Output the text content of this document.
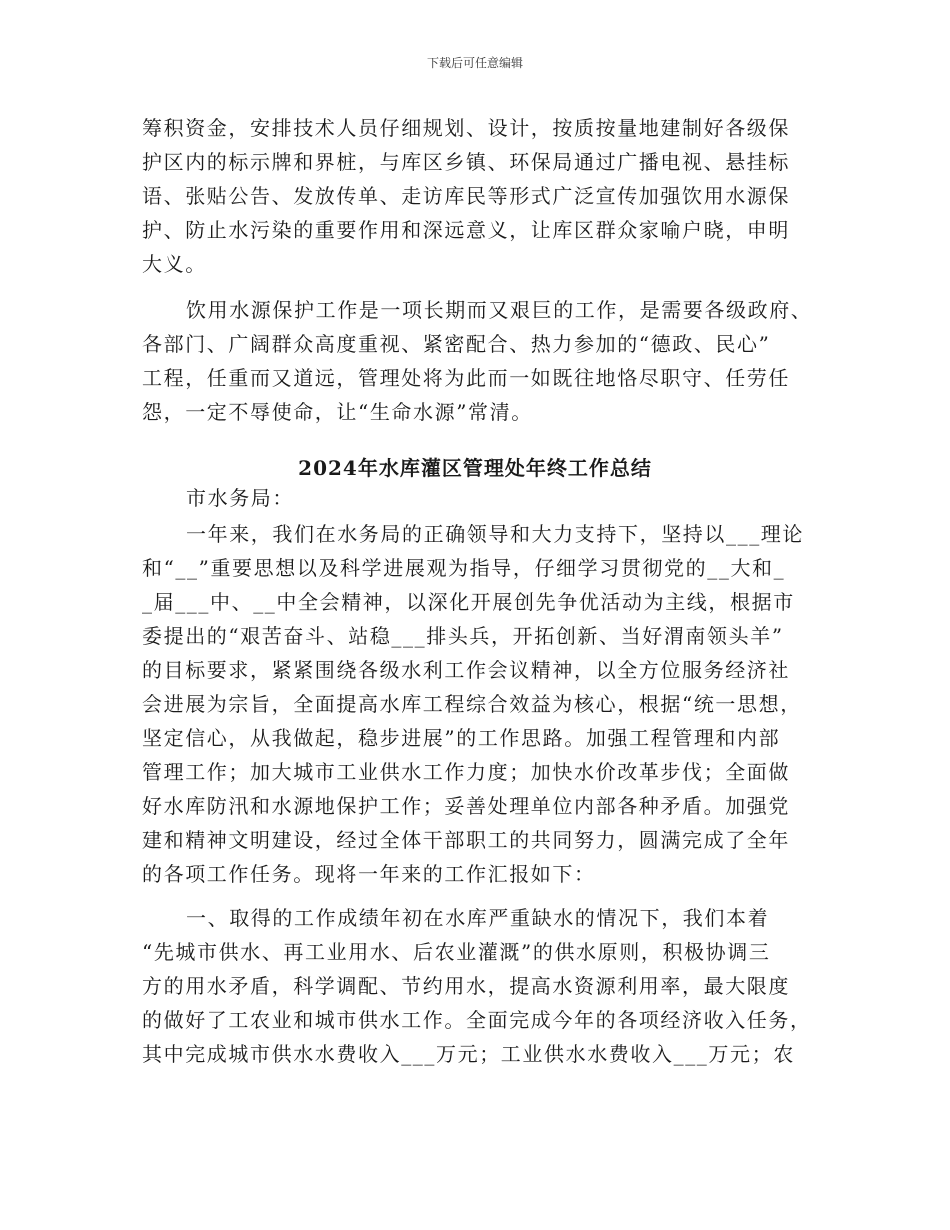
下载后可任意编辑
筹积资金，安排技术人员仔细规划、设计，按质按量地建制好各级保
护区内的标示牌和界桩，与库区乡镇、环保局通过广播电视、悬挂标
语、张贴公告、发放传单、走访库民等形式广泛宣传加强饮用水源保
护、防止水污染的重要作用和深远意义，让库区群众家喻户晓，申明
大义。
饮用水源保护工作是一项长期而又艰巨的工作，是需要各级政府、
各部门、广阔群众高度重视、紧密配合、热力参加的“德政、民心”
工程，任重而又道远，管理处将为此而一如既往地恪尽职守、任劳任
怨，一定不辱使命，让“生命水源”常清。
2024年水库灌区管理处年终工作总结
市水务局：
一年来，我们在水务局的正确领导和大力支持下，坚持以___理论
和“__”重要思想以及科学进展观为指导，仔细学习贯彻党的__大和_
_届___中、__中全会精神，以深化开展创先争优活动为主线，根据市
委提出的“艰苦奋斗、站稳___排头兵，开拓创新、当好渭南领头羊”
的目标要求，紧紧围绕各级水利工作会议精神，以全方位服务经济社
会进展为宗旨，全面提高水库工程综合效益为核心，根据“统一思想，
坚定信心，从我做起，稳步进展”的工作思路。加强工程管理和内部
管理工作；加大城市工业供水工作力度；加快水价改革步伐；全面做
好水库防汛和水源地保护工作；妥善处理单位内部各种矛盾。加强党
建和精神文明建设，经过全体干部职工的共同努力，圆满完成了全年
的各项工作任务。现将一年来的工作汇报如下：
一、取得的工作成绩年初在水库严重缺水的情况下，我们本着
“先城市供水、再工业用水、后农业灌溉”的供水原则，积极协调三
方的用水矛盾，科学调配、节约用水，提高水资源利用率，最大限度
的做好了工农业和城市供水工作。全面完成今年的各项经济收入任务，
其中完成城市供水水费收入___万元；工业供水水费收入___万元；农
